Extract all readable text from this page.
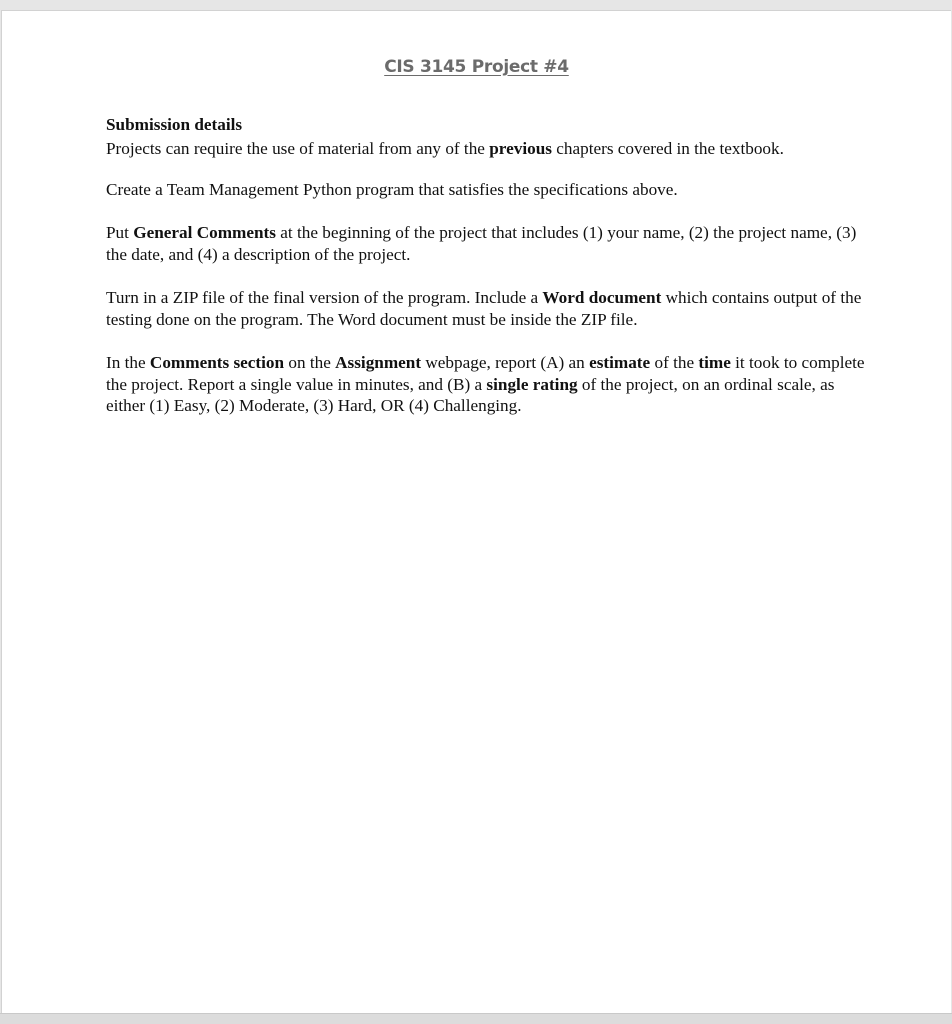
CIS 3145 Project #4
Submission details
Projects can require the use of material from any of the previous chapters covered in the textbook.
Create a Team Management Python program that satisfies the specifications above.
Put General Comments at the beginning of the project that includes (1) your name, (2) the project name, (3) the date, and (4) a description of the project.
Turn in a ZIP file of the final version of the program. Include a Word document which contains output of the testing done on the program. The Word document must be inside the ZIP file.
In the Comments section on the Assignment webpage, report (A) an estimate of the time it took to complete the project. Report a single value in minutes, and (B) a single rating of the project, on an ordinal scale, as either (1) Easy, (2) Moderate, (3) Hard, OR (4) Challenging.
